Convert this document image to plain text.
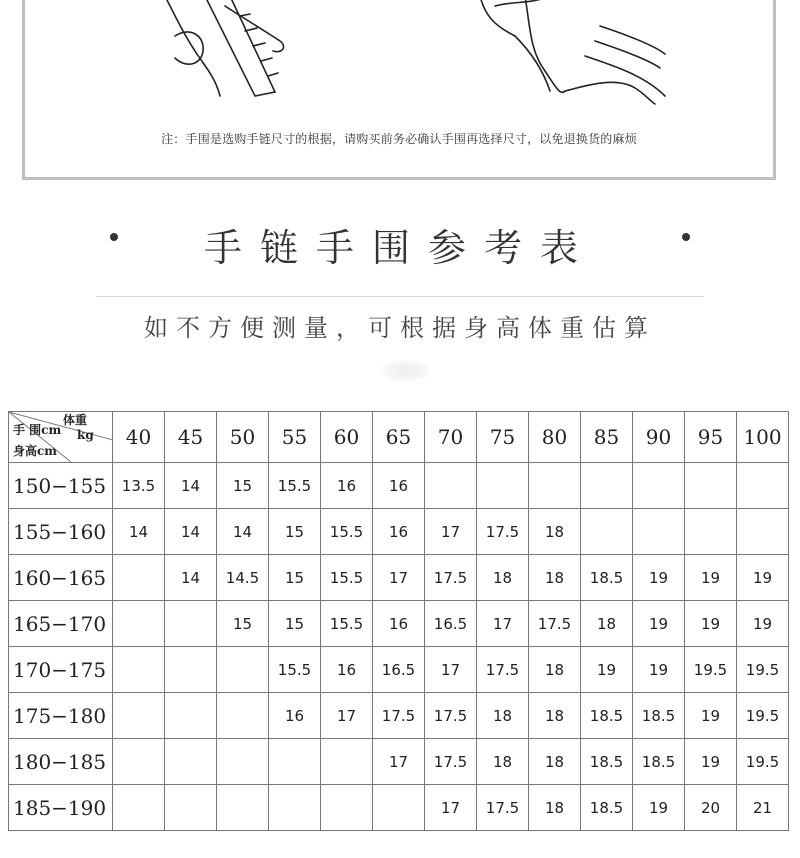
注：手围是选购手链尺寸的根据，请购买前务必确认手围再选择尺寸，以免退换货的麻烦
手链手围参考表
如不方便测量，可根据身高体重估算
手 围cm
体重
kg
身高cm	40	45	50	55	60	65	70	75	80	85	90	95	100
150−155	13.5	14	15	15.5	16	16							
155−160	14	14	14	15	15.5	16	17	17.5	18				
160−165		14	14.5	15	15.5	17	17.5	18	18	18.5	19	19	19
165−170			15	15	15.5	16	16.5	17	17.5	18	19	19	19
170−175				15.5	16	16.5	17	17.5	18	19	19	19.5	19.5
175−180				16	17	17.5	17.5	18	18	18.5	18.5	19	19.5
180−185						17	17.5	18	18	18.5	18.5	19	19.5
185−190							17	17.5	18	18.5	19	20	21
